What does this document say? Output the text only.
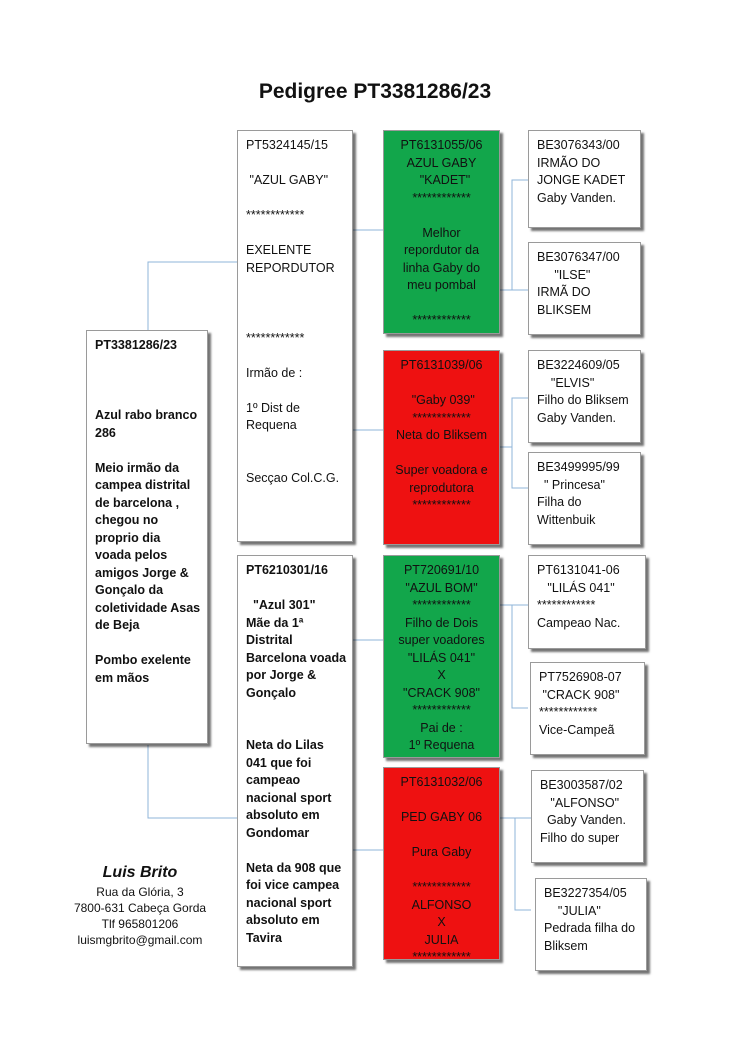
Pedigree PT3381286/23
PT3381286/23
Azul rabo branco
286
Meio irmão da
campea distrital
de barcelona ,
chegou no
proprio dia
voada pelos
amigos Jorge &
Gonçalo da
coletividade Asas
de Beja
Pombo exelente
em mãos
PT5324145/15
"AZUL GABY"
************
EXELENTE
REPORDUTOR
************
Irmão de :
1º Dist de
Requena
Secçao Col.C.G.
PT6210301/16
"Azul 301"
Mãe da 1ª
Distrital
Barcelona voada
por Jorge &
Gonçalo
Neta do Lilas
041 que foi
campeao
nacional sport
absoluto em
Gondomar
Neta da 908 que
foi vice campea
nacional sport
absoluto em
Tavira
PT6131055/06
AZUL GABY
"KADET"
************
Melhor
repordutor da
linha Gaby do
meu pombal
************
PT6131039/06
"Gaby 039"
************
Neta do Bliksem
Super voadora e
reprodutora
************
PT720691/10
"AZUL BOM"
************
Filho de Dois
super voadores
"LILÁS 041"
X
"CRACK 908"
************
Pai de :
1º Requena
PT6131032/06
PED GABY 06
Pura Gaby
************
ALFONSO
X
JULIA
************
BE3076343/00
IRMÃO DO
JONGE KADET
Gaby Vanden.
BE3076347/00
"ILSE"
IRMÃ DO
BLIKSEM
BE3224609/05
"ELVIS"
Filho do Bliksem
Gaby Vanden.
BE3499995/99
" Princesa"
Filha do
Wittenbuik
PT6131041-06
"LILÁS 041"
************
Campeao Nac.
PT7526908-07
"CRACK 908"
************
Vice-Campeã
BE3003587/02
"ALFONSO"
Gaby Vanden.
Filho do super
BE3227354/05
"JULIA"
Pedrada filha do
Bliksem
Luis Brito
Rua da Glória, 3
7800-631 Cabeça Gorda
Tlf 965801206
luismgbrito@gmail.com
